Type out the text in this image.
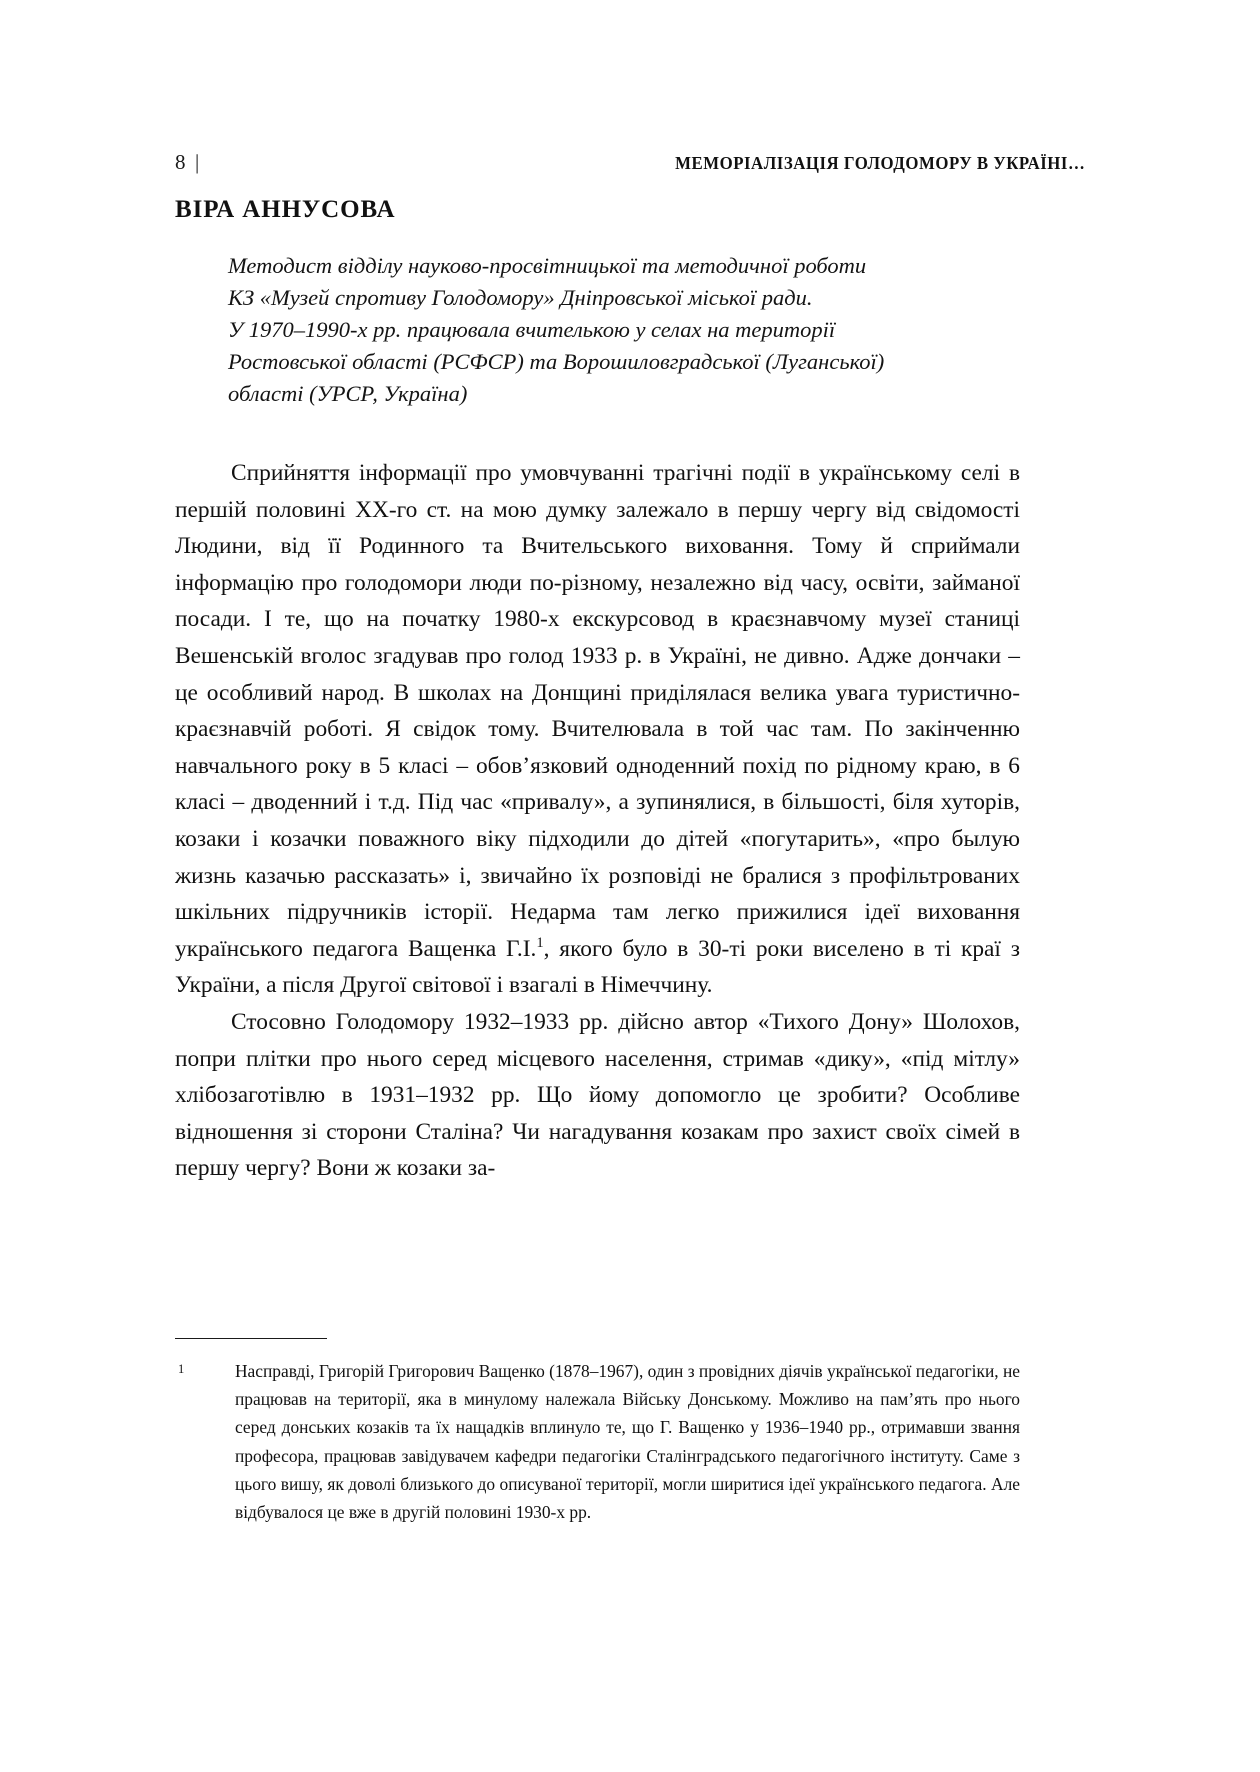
8 |	МЕМОРІАЛІЗАЦІЯ ГОЛОДОМОРУ В УКРАЇНІ…
ВІРА АННУСОВА
Методист відділу науково-просвітницької та методичної роботи
КЗ «Музей спротиву Голодомору» Дніпровської міської ради.
У 1970–1990-х рр. працювала вчителькою у селах на території
Ростовської області (РСФСР) та Ворошиловградської (Луганської)
області (УРСР, Україна)

Сприйняття інформації про умовчуванні трагічні події в українському селі в першій половині ХХ-го ст. на мою думку залежало в першу чергу від свідомості Людини, від її Родинного та Вчительського виховання. Тому й сприймали інформацію про голодомори люди по-різному, незалежно від часу, освіти, займаної посади. І те, що на початку 1980-х екскурсовод в краєзнавчому музеї станиці Вешенській вголос згадував про голод 1933 р. в Україні, не дивно. Адже дончаки – це особливий народ. В школах на Донщині приділялася велика увага туристично-краєзнавчій роботі. Я свідок тому. Вчителювала в той час там. По закінченню навчального року в 5 класі – обов’язковий одноденний похід по рідному краю, в 6 класі – дводенний і т.д. Під час «привалу», а зупинялися, в більшості, біля хуторів, козаки і козачки поважного віку підходили до дітей «погутарить», «про былую жизнь казачью рассказать» і, звичайно їх розповіді не бралися з профільтрованих шкільних підручників історії. Недарма там легко прижилися ідеї виховання українського педагога Ващенка Г.І.$^1$, якого було в 30-ті роки виселено в ті краї з України, а після Другої світової і взагалі в Німеччину.

Стосовно Голодомору 1932–1933 рр. дійсно автор «Тихого Дону» Шолохов, попри плітки про нього серед місцевого населення, стримав «дику», «під мітлу» хлібозаготівлю в 1931–1932 рр. Що йому допомогло це зробити? Особливе відношення зі сторони Сталіна? Чи нагадування козакам про захист своїх сімей в першу чергу? Вони ж козаки за-

1	Насправді, Григорій Григорович Ващенко (1878–1967), один з провідних діячів української педагогіки, не працював на території, яка в минулому належала Війську Донському. Можливо на пам’ять про нього серед донських козаків та їх нащадків вплинуло те, що Г. Ващенко у 1936–1940 рр., отримавши звання професора, працював завідувачем кафедри педагогіки Сталінградського педагогічного інституту. Саме з цього вишу, як доволі близького до описуваної території, могли ширитися ідеї українського педагога. Але відбувалося це вже в другій половині 1930-х рр.
